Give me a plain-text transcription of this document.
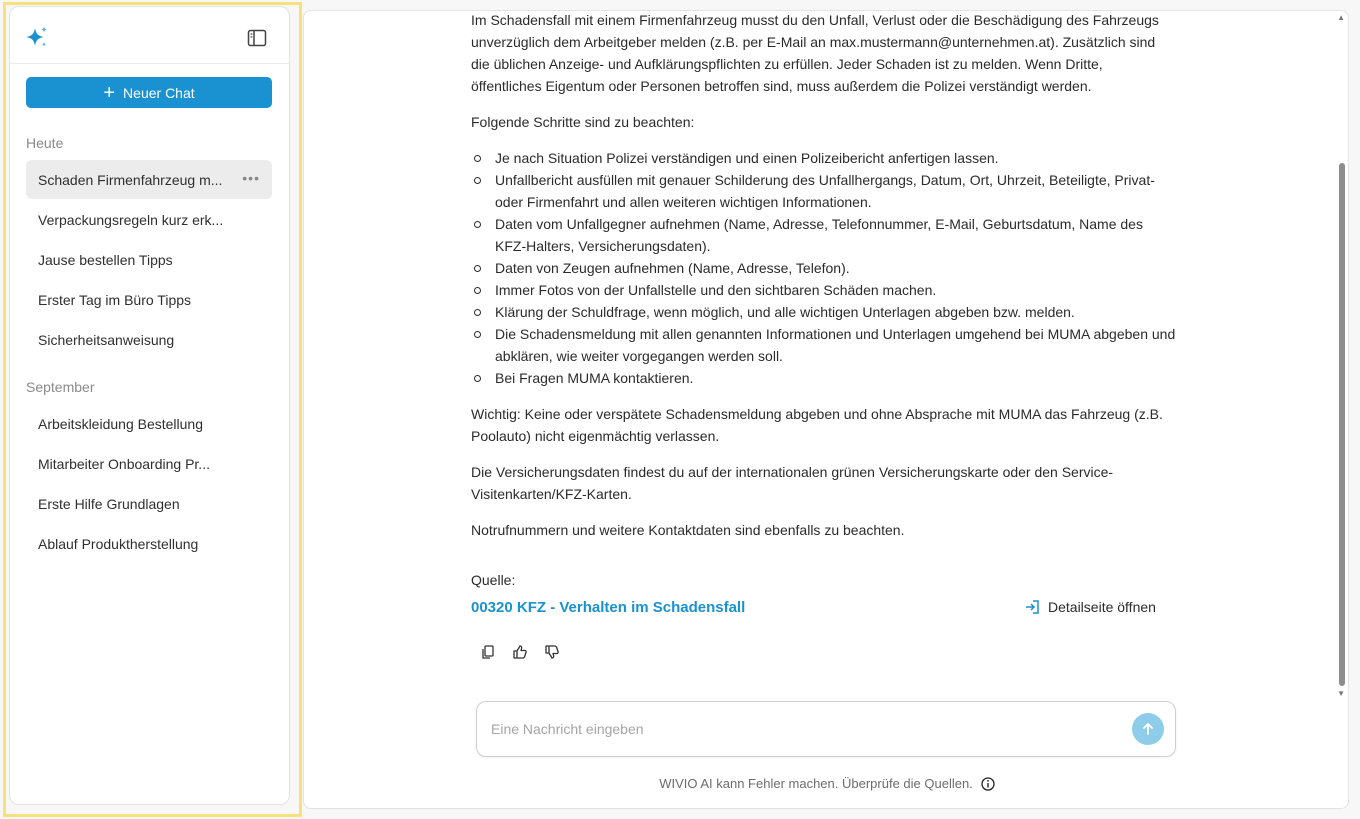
+ Neuer Chat
Heute
Schaden Firmenfahrzeug m... •••
Verpackungsregeln kurz erk...
Jause bestellen Tipps
Erster Tag im Büro Tipps
Sicherheitsanweisung
September
Arbeitskleidung Bestellung
Mitarbeiter Onboarding Pr...
Erste Hilfe Grundlagen
Ablauf Produktherstellung

Im Schadensfall mit einem Firmenfahrzeug musst du den Unfall, Verlust oder die Beschädigung des Fahrzeugs unverzüglich dem Arbeitgeber melden (z.B. per E-Mail an max.mustermann@unternehmen.at). Zusätzlich sind die üblichen Anzeige- und Aufklärungspflichten zu erfüllen. Jeder Schaden ist zu melden. Wenn Dritte, öffentliches Eigentum oder Personen betroffen sind, muss außerdem die Polizei verständigt werden.

Folgende Schritte sind zu beachten:

Je nach Situation Polizei verständigen und einen Polizeibericht anfertigen lassen.
Unfallbericht ausfüllen mit genauer Schilderung des Unfallhergangs, Datum, Ort, Uhrzeit, Beteiligte, Privat- oder Firmenfahrt und allen weiteren wichtigen Informationen.
Daten vom Unfallgegner aufnehmen (Name, Adresse, Telefonnummer, E-Mail, Geburtsdatum, Name des KFZ-Halters, Versicherungsdaten).
Daten von Zeugen aufnehmen (Name, Adresse, Telefon).
Immer Fotos von der Unfallstelle und den sichtbaren Schäden machen.
Klärung der Schuldfrage, wenn möglich, und alle wichtigen Unterlagen abgeben bzw. melden.
Die Schadensmeldung mit allen genannten Informationen und Unterlagen umgehend bei MUMA abgeben und abklären, wie weiter vorgegangen werden soll.
Bei Fragen MUMA kontaktieren.

Wichtig: Keine oder verspätete Schadensmeldung abgeben und ohne Absprache mit MUMA das Fahrzeug (z.B. Poolauto) nicht eigenmächtig verlassen.

Die Versicherungsdaten findest du auf der internationalen grünen Versicherungskarte oder den Service-Visitenkarten/KFZ-Karten.

Notrufnummern und weitere Kontaktdaten sind ebenfalls zu beachten.

Quelle:
00320 KFZ - Verhalten im Schadensfall	Detailseite öffnen
▲
▼
Eine Nachricht eingeben
WIVIO AI kann Fehler machen. Überprüfe die Quellen.
